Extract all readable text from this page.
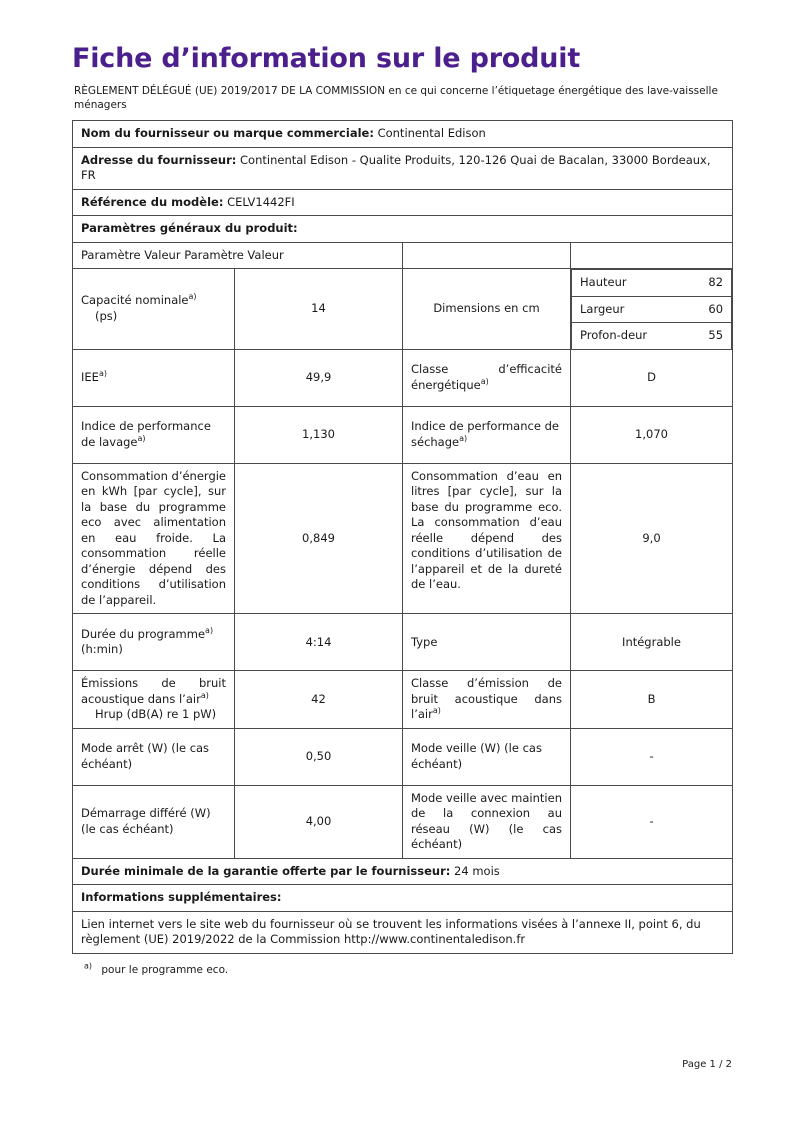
Fiche d’information sur le produit

RÈGLEMENT DÉLÉGUÉ (UE) 2019/2017 DE LA COMMISSION en ce qui concerne l’étiquetage énergétique des lave-vaisselle ménagers

Nom du fournisseur ou marque commerciale: Continental Edison
Adresse du fournisseur: Continental Edison - Qualite Produits, 120-126 Quai de Bacalan, 33000 Bordeaux, FR
Référence du modèle: CELV1442FI
Paramètres généraux du produit:
Paramètre Valeur Paramètre Valeur		

Capacité nominale$^{a)}$
(ps)
	14	Dimensions en cm	
Hauteur	82

Largeur	60

Profon-deur	55

IEE$^{a)}$	49,9	Classe d’efficacité énergétique$^{a)}$	D
Indice de performance de lavage$^{a)}$	1,130	Indice de performance de séchage$^{a)}$	1,070
Consommation d’énergie en kWh [par cycle], sur la base du programme eco avec alimentation en eau froide. La consommation réelle d’énergie dépend des conditions d’utilisation de l’appareil.	0,849	Consommation d’eau en litres [par cycle], sur la base du programme eco. La consommation d’eau réelle dépend des conditions d’utilisation de l’appareil et de la dureté de l’eau.	9,0

Durée du programme$^{a)}$
(h:min)
	4:14	Type	Intégrable

Émissions de bruit acoustique dans l’air$^{a)}$
Hrup (dB(A) re 1 pW)
	42	Classe d’émission de bruit acoustique dans l’air$^{a)}$	B
Mode arrêt (W) (le cas échéant)	0,50	Mode veille (W) (le cas échéant)	-
Démarrage différé (W) (le cas échéant)	4,00	Mode veille avec maintien de la connexion au réseau (W) (le cas échéant)	-
Durée minimale de la garantie offerte par le fournisseur: 24 mois
Informations supplémentaires:
Lien internet vers le site web du fournisseur où se trouvent les informations visées à l’annexe II, point 6, du règlement (UE) 2019/2022 de la Commission http://www.continentaledison.fr
$^{a)}$ pour le programme eco.
Page 1 / 2
